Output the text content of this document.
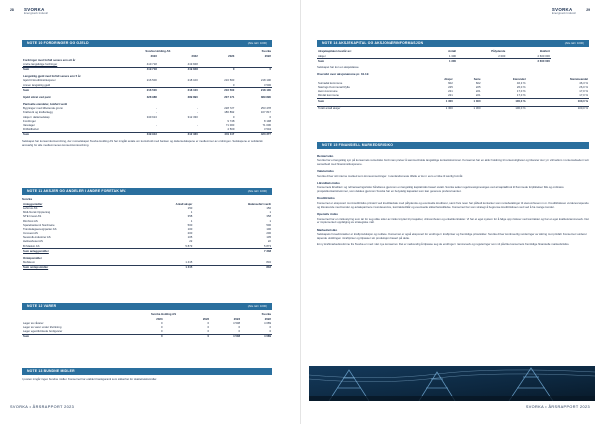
28 SVORKA
Energiverk Industri
NOTE 10 FORDRINGER OG GJELD	(Alle tall i 1000)
	Svorka Holding AS		Svorka	
	2023	2022	2023	2022
Fordringer med forfall senere enn ett år				
Andre langsiktige fordringer	419 718	419 848		
Sum	419 718	419 848	0	0

Langsiktig gjeld med forfall senere enn 5 år				
Gjeld til kredittinstitusjoner	216 500	218 100	216 500	218 100
Annen langsiktig gjeld			0	3 500
Sum	216 500	218 100	216 500	218 100

Gjeld sikret ved pant	328 988	389 890	207 171	389 890

Pantsatte eiendeler, bokført verdi				
Bygninger med tilhørende grunn	-	-	228 727	253 478
Kraftverk og kraftanlegg	-	-	186 892	167 817
Aksjer i datterselskap	349 913	312 330	0	0
Fordringer			9 748	8 198
Varelager	-	-	71 000	71 006
Driftstilbehør			4 509	3 504
Sum	349 913	312 330	401 117	423 377

Selskapet har konsernkontoordning, der morselskapet Svorka Holding AS har inngått avtale om kontohold med banken og datterselskapene er medlemmer av ordningen. Selskapene er solidarisk ansvarlig for alle medlemmenes konsernkontoordning.

NOTE 11 AKSJER OG ANDELER I ANDRE FORETAK MV.	(Alle tall i 1000)
Svorka
Anleggsmidler	Antall aksjer	Balanseført verdi
Lehmus AS	150	150
Midt-Norsk Opptening	1	1
NTE Invest AS	358	358
Rimfrost AS	1	1
Sparebanken1 Nordmøre	500	500
Trøndelagsenergiparter AS	100	100
Innovest AS	200	200
Nessrolk-industrier AS	105	105
Hølsvahuset AS	22	22
Bi Maskin AS	5 873	5 873
Sum anleggsmidler		7 338

Omløpsmidler		
Mobileum	1 415	832
Sum omløpsmidler	1 415	832
NOTE 12 VARER	(Alle tall i 1000)
	Svorka Holding AS		Svorka	
	2023	2022	2023	2022
Lager av råvarer	0	0	4 508	4 089
Lager av varer under tilvirkning	0	0	0	0
Lager egentilvirkede ferdigvarer	0	0	0	0
Sum	0	0	4 508	4 089
NOTE 13 BUNDNE MIDLER

I posten inngår ingen bundne midler. Konsernet har etablert bankgaranti som sikkerhet for skattetrekksmidler.

SVORKA • ÅRSRAPPORT 2023
SVORKA
Energiverk Industri
29
NOTE 14 AKSJEKAPITAL OG AKSJONÆRINFORMASJON	(Alle tall i 1000)
Aksjekapitalen består av:	Antall	Pålydende	Bokført
Aksjer	1 300	2 000	2 600 000
Sum	1 300		2 600 000

Selskapet har kun en aksjeklasse.

Oversikt over aksjonærene pr. 31.12.
	Aksjer	Serie	Eierandel	Stemmeandel
Surnadal kommune	602	602	46,3 %	46,3 %
Nærings Kommunal Rylla	225	225	26,0 %	26,0 %
Heim kommune	221	221	17,0 %	17,0 %
Rindal kommune	221	221	17,0 %	17,0 %
Sum	1 300	1 300	100,0 %	100,0 %

Totalt antall aksjer	1 300	1 300	100,0 %	100,0 %
NOTE 15 FINANSIELL MARKEDSRISIKO
Renterisiko

Svorka har et langsiktig syn på konsernets renterisiko fordi man prøver å sammenholde langsiktige kontantstrømmer. Konsernet har en aktiv holdning til rentemuligheter og tilsvarer stor yt i vil/mellom i rentemarkedet i tett samarbeid med finansinstitusjonene.

Valutarisiko

Svorka driver sitt interne marked som kroneomsetninger. I utenlandsmeste tilfelle er kun i euro er ikke til særlig formål.

Likviditetsrisiko

Konsernets likviditet i og refinanseringsrisiko håndteres gjennom en langsiktig kapitalmiks basert avtalt. Svorka søker regelmessigmessiges ved at kapitalbruk til flommede forpliktelser fikk og ordinære prosjektkontantstrømmer, som dekkes gjennom Svorka har en betydelig kapasitet som kan generere preferal samtet.

Kredittrisiko

Konsernet er eksponert mot kredittrisiko primært ved kredittavtale med pålydende og eventuelle kreditorer, samt hvis noen har påbudt kontanter som rentebetalinger til utenomhusen m.m. Kredittrisikoen vurderes løpende og tilsvarende med kunder og avtalepartnere i kundeservice, kontraktsvilkår og eventuelle sikkerhetsstillelse. Konsernet har som strategi å begrense kredittrisikoen ved ved å ha mange kunder.

Operativ risiko

Konsernet har en risikostyring som tar for seg ulike sider av risiko knyttet til prosjekter, virksomheten og enkeltkontrakter. Vi har et eget system for å følge opp risikoer ved kontrakter og har et eget kvalitetsrammeverk. Det er implementert oppfølging av strategiske mål.

Markedsrisiko

Selskapets hovedinntekter er kraftproduksjon og nettleie. Konsernet er også eksponert for endringer i kraftpriser og fremtidige prisutsikter. Svorka driver kontinuerlig vurderinger av sikring mot prisfall. Konsernet vurderer løpende utviklingen i kraftpriser og tilpasser sin produksjon basert på dette.

Et ny kraftmarkedsreforme fra Svorka er med i det nye konsernet. Det er nødvendig å tilpasse seg de endringer i rammeverk og reguleringer som vil påvirke konsernets fremtidige finansielle markedsrisiko.

SVORKA • ÅRSRAPPORT 2023
